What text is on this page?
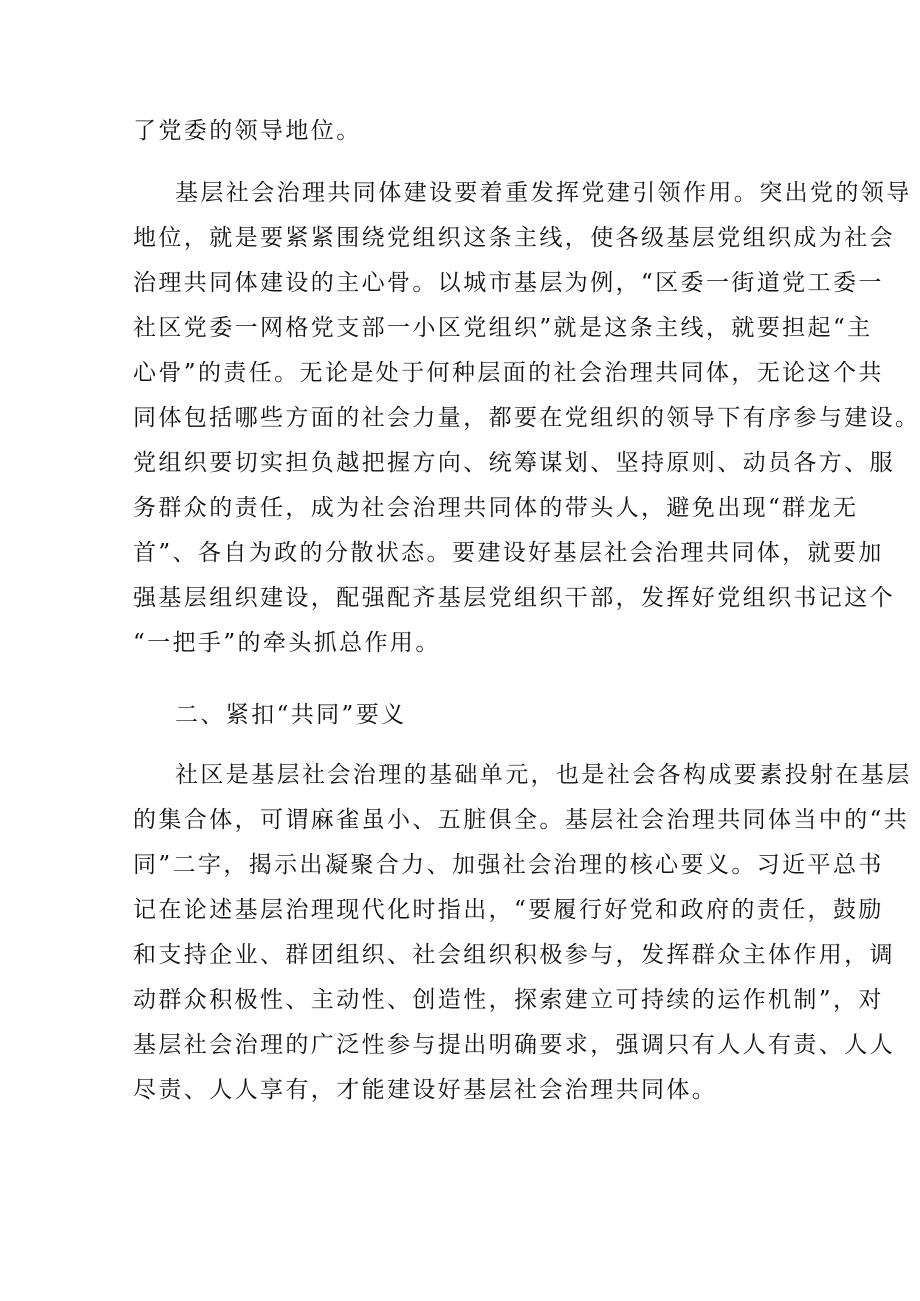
了党委的领导地位。
基层社会治理共同体建设要着重发挥党建引领作用。突出党的领导
地位，就是要紧紧围绕党组织这条主线，使各级基层党组织成为社会
治理共同体建设的主心骨。以城市基层为例，“区委一街道党工委一
社区党委一网格党支部一小区党组织”就是这条主线，就要担起“主
心骨”的责任。无论是处于何种层面的社会治理共同体，无论这个共
同体包括哪些方面的社会力量，都要在党组织的领导下有序参与建设。
党组织要切实担负越把握方向、统筹谋划、坚持原则、动员各方、服
务群众的责任，成为社会治理共同体的带头人，避免出现“群龙无
首”、各自为政的分散状态。要建设好基层社会治理共同体，就要加
强基层组织建设，配强配齐基层党组织干部，发挥好党组织书记这个
“一把手”的牵头抓总作用。
二、紧扣“共同”要义
社区是基层社会治理的基础单元，也是社会各构成要素投射在基层
的集合体，可谓麻雀虽小、五脏俱全。基层社会治理共同体当中的“共
同”二字，揭示出凝聚合力、加强社会治理的核心要义。习近平总书
记在论述基层治理现代化时指出，“要履行好党和政府的责任，鼓励
和支持企业、群团组织、社会组织积极参与，发挥群众主体作用，调
动群众积极性、主动性、创造性，探索建立可持续的运作机制”，对
基层社会治理的广泛性参与提出明确要求，强调只有人人有责、人人
尽责、人人享有，才能建设好基层社会治理共同体。
